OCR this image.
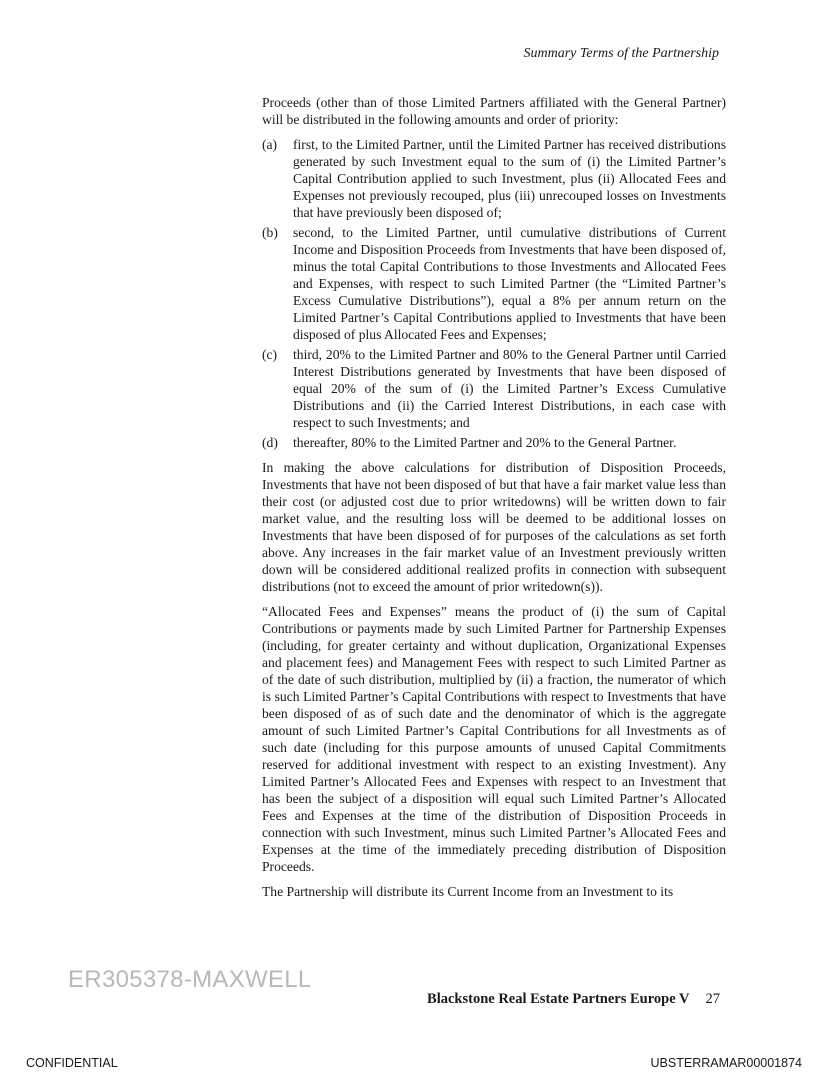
Summary Terms of the Partnership

Proceeds (other than of those Limited Partners affiliated with the General Partner) will be distributed in the following amounts and order of priority:

(a) first, to the Limited Partner, until the Limited Partner has received distributions generated by such Investment equal to the sum of (i) the Limited Partner’s Capital Contribution applied to such Investment, plus (ii) Allocated Fees and Expenses not previously recouped, plus (iii) unrecouped losses on Investments that have previously been disposed of;
(b) second, to the Limited Partner, until cumulative distributions of Current Income and Disposition Proceeds from Investments that have been disposed of, minus the total Capital Contributions to those Investments and Allocated Fees and Expenses, with respect to such Limited Partner (the “Limited Partner’s Excess Cumulative Distributions”), equal a 8% per annum return on the Limited Partner’s Capital Contributions applied to Investments that have been disposed of plus Allocated Fees and Expenses;
(c) third, 20% to the Limited Partner and 80% to the General Partner until Carried Interest Distributions generated by Investments that have been disposed of equal 20% of the sum of (i) the Limited Partner’s Excess Cumulative Distributions and (ii) the Carried Interest Distributions, in each case with respect to such Investments; and
(d) thereafter, 80% to the Limited Partner and 20% to the General Partner.

In making the above calculations for distribution of Disposition Proceeds, Investments that have not been disposed of but that have a fair market value less than their cost (or adjusted cost due to prior writedowns) will be written down to fair market value, and the resulting loss will be deemed to be additional losses on Investments that have been disposed of for purposes of the calculations as set forth above. Any increases in the fair market value of an Investment previously written down will be considered additional realized profits in connection with subsequent distributions (not to exceed the amount of prior writedown(s)).

“Allocated Fees and Expenses” means the product of (i) the sum of Capital Contributions or payments made by such Limited Partner for Partnership Expenses (including, for greater certainty and without duplication, Organizational Expenses and placement fees) and Management Fees with respect to such Limited Partner as of the date of such distribution, multiplied by (ii) a fraction, the numerator of which is such Limited Partner’s Capital Contributions with respect to Investments that have been disposed of as of such date and the denominator of which is the aggregate amount of such Limited Partner’s Capital Contributions for all Investments as of such date (including for this purpose amounts of unused Capital Commitments reserved for additional investment with respect to an existing Investment). Any Limited Partner’s Allocated Fees and Expenses with respect to an Investment that has been the subject of a disposition will equal such Limited Partner’s Allocated Fees and Expenses at the time of the distribution of Disposition Proceeds in connection with such Investment, minus such Limited Partner’s Allocated Fees and Expenses at the time of the immediately preceding distribution of Disposition Proceeds.

The Partnership will distribute its Current Income from an Investment to its

ER305378-MAXWELL
Blackstone Real Estate Partners Europe V 27
CONFIDENTIAL	UBSTERRAMAR00001874
